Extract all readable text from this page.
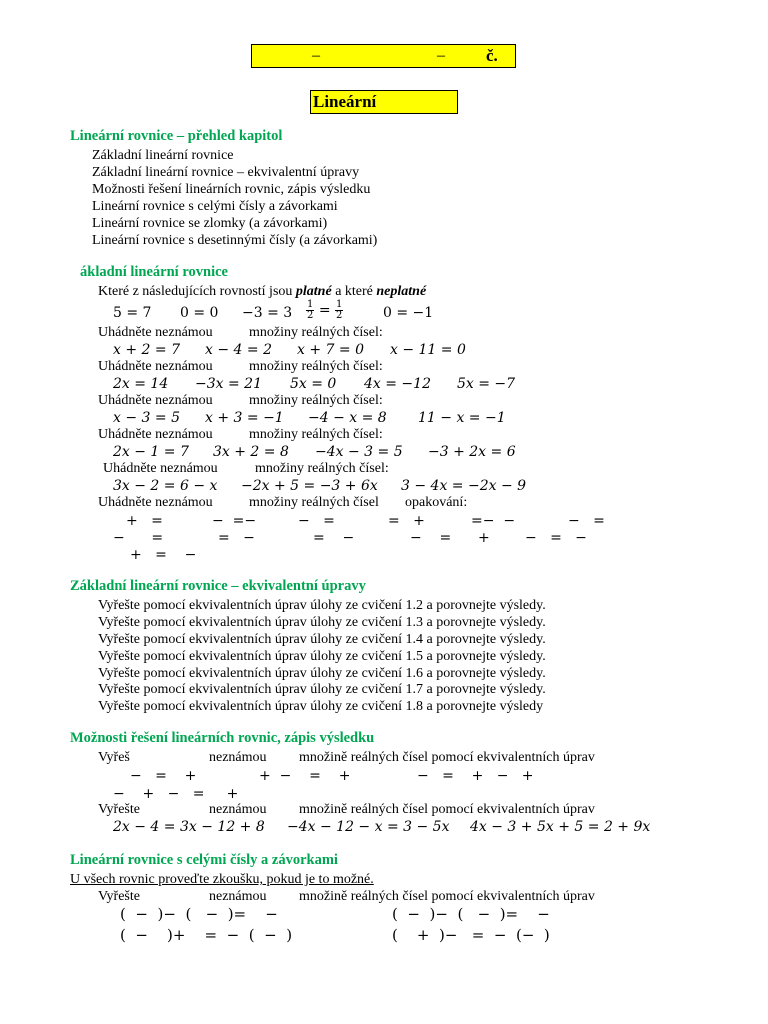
–	– č.
Lineární
Lineární rovnice – přehled kapitol
Základní lineární rovnice
Základní lineární rovnice – ekvivalentní úpravy
Možnosti řešení lineárních rovnic, zápis výsledku
Lineární rovnice s celými čísly a závorkami
Lineární rovnice se zlomky (a závorkami)
Lineární rovnice s desetinnými čísly (a závorkami)
ákladní lineární rovnice
Které z následujících rovností jsou platné a které neplatné
5 = 7 $0 = 0 -3 = 3 \frac{1}{2} = \frac{1}{2}$	0 = −1
Uhádněte neznámou	množiny reálných čísel:
x + 2 = 7 x − 4 = 2 x + 7 = 0 x − 11 = 0
Uhádněte neznámou	množiny reálných čísel:
2x = 14 −3x = 21 5x = 0 4x = −12 5x = −7
Uhádněte neznámou	množiny reálných čísel:
x − 3 = 5 x + 3 = −1 −4 − x = 8 11 − x = −1
Uhádněte neznámou	množiny reálných čísel:
2x − 1 = 7 3x + 2 = 8 −4x − 3 = 5 −3 + 2x = 6
Uhádněte neznámou	množiny reálných čísel:
3x − 2 = 6 − x −2x + 5 = −3 + 6x 3 − 4x = −2x − 9
Uhádněte neznámou	množiny reálných čísel opakování:
+   =	−  =−	−   =	=   +	=−  −	−   =
−      =	=   −	=    −	−    =      +	−   =   −
+   =    −
Základní lineární rovnice – ekvivalentní úpravy
Vyřešte pomocí ekvivalentních úprav úlohy ze cvičení 1.2 a porovnejte výsledy.
Vyřešte pomocí ekvivalentních úprav úlohy ze cvičení 1.3 a porovnejte výsledy.
Vyřešte pomocí ekvivalentních úprav úlohy ze cvičení 1.4 a porovnejte výsledy.
Vyřešte pomocí ekvivalentních úprav úlohy ze cvičení 1.5 a porovnejte výsledy.
Vyřešte pomocí ekvivalentních úprav úlohy ze cvičení 1.6 a porovnejte výsledy.
Vyřešte pomocí ekvivalentních úprav úlohy ze cvičení 1.7 a porovnejte výsledy.
Vyřešte pomocí ekvivalentních úprav úlohy ze cvičení 1.8 a porovnejte výsledy
Možnosti řešení lineárních rovnic, zápis výsledku
Vyřeš	neznámou množině reálných čísel pomocí ekvivalentních úprav
−   =    +	+  −    =    +	−   =    +   −   +
−    +   −   =     +
Vyřešte	neznámou množině reálných čísel pomocí ekvivalentních úprav
2x − 4 = 3x − 12 + 8 −4x − 12 − x = 3 − 5x 4x − 3 + 5x + 5 = 2 + 9x
Lineární rovnice s celými čísly a závorkami
U všech rovnic proveďte zkoušku, pokud je to možné.
Vyřešte	neznámou množině reálných čísel pomocí ekvivalentních úprav
(  −  )−  (   −  )=    −	(  −  )−  (   −  )=    −
(  −    )+    =  −  (  −  )	(    +  )−   =  −  (−  )
